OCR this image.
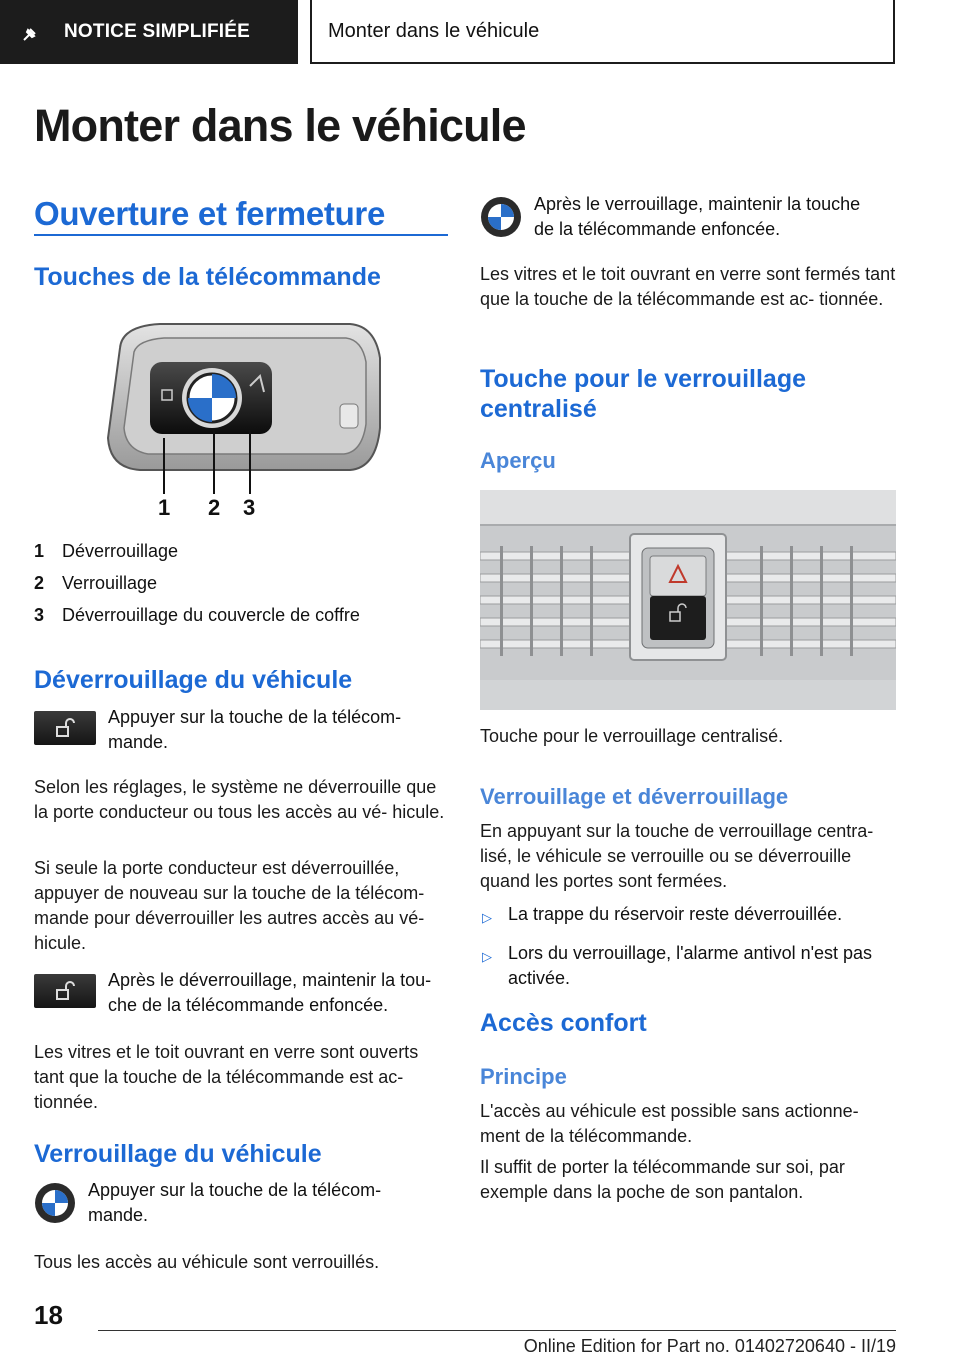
NOTICE SIMPLIFIÉE	Monter dans le véhicule
Monter dans le véhicule
Ouverture et fermeture
Touches de la télécommande
1 2 3
1 Déverrouillage
2 Verrouillage
3 Déverrouillage du couvercle de coffre
Déverrouillage du véhicule
Appuyer sur la touche de la télécom‐ mande.
Selon les réglages, le système ne déverrouille que la porte conducteur ou tous les accès au vé‐ hicule.
Si seule la porte conducteur est déverrouillée, appuyer de nouveau sur la touche de la télécom‐ mande pour déverrouiller les autres accès au vé‐ hicule.
Après le déverrouillage, maintenir la tou‐ che de la télécommande enfoncée.
Les vitres et le toit ouvrant en verre sont ouverts tant que la touche de la télécommande est ac‐ tionnée.
Verrouillage du véhicule
Appuyer sur la touche de la télécom‐ mande.
Tous les accès au véhicule sont verrouillés.
Après le verrouillage, maintenir la touche de la télécommande enfoncée.
Les vitres et le toit ouvrant en verre sont fermés tant que la touche de la télécommande est ac‐ tionnée.
Touche pour le verrouillage centralisé
Aperçu
Touche pour le verrouillage centralisé.
Verrouillage et déverrouillage
En appuyant sur la touche de verrouillage centra‐ lisé, le véhicule se verrouille ou se déverrouille quand les portes sont fermées.
▷ La trappe du réservoir reste déverrouillée.
▷ Lors du verrouillage, l'alarme antivol n'est pas activée.
Accès confort
Principe
L'accès au véhicule est possible sans actionne‐ ment de la télécommande.
Il suffit de porter la télécommande sur soi, par exemple dans la poche de son pantalon.
18
Online Edition for Part no. 01402720640 - II/19
